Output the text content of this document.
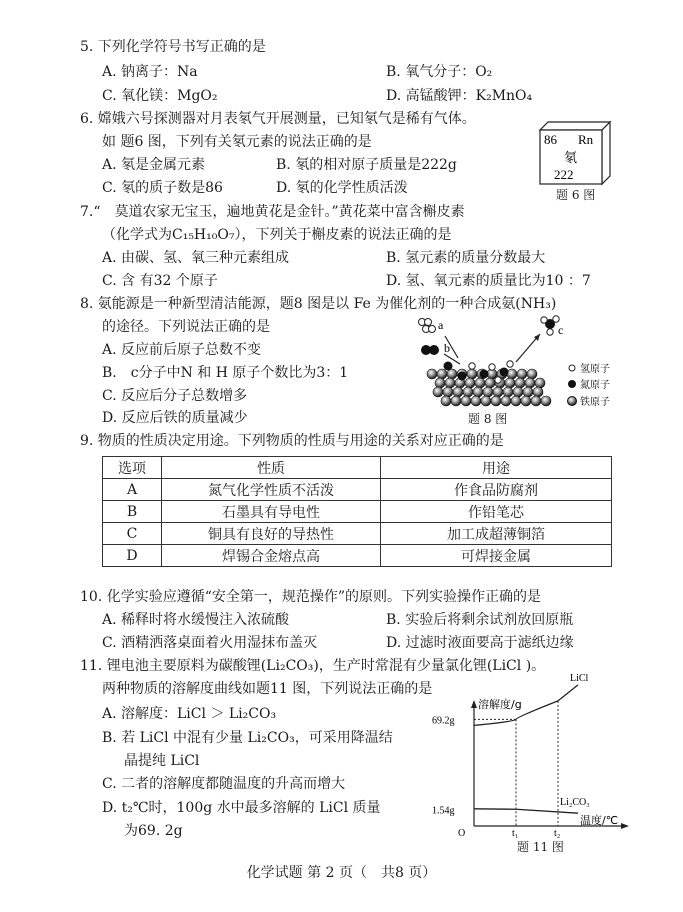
5. 下列化学符号书写正确的是
A. 钠离子：Na	B. 氧气分子：O₂
C. 氧化镁：MgO₂	D. 高锰酸钾：K₂MnO₄
6. 嫦娥六号探测器对月表氡气开展测量，已知氡气是稀有气体。
如 题6 图，下列有关氡元素的说法正确的是
A. 氡是金属元素	B. 氡的相对原子质量是222g
C. 氡的质子数是86	D. 氡的化学性质活泼
86 Rn
氡
222
题 6 图
7.“　莫道农家无宝玉，遍地黄花是金针。”黄花菜中富含槲皮素
（化学式为C₁₅H₁₀O₇），下列关于槲皮素的说法正确的是
A. 由碳、氢、氧三种元素组成	B. 氢元素的质量分数最大
C. 含 有32 个原子	D. 氢、氧元素的质量比为10 ：7
8. 氨能源是一种新型清洁能源，题8 图是以 Fe 为催化剂的一种合成氨(NH₃)
的途径。下列说法正确的是
A. 反应前后原子总数不变
B.　c分子中N 和 H 原子个数比为3：1
C. 反应后分子总数增多
D. 反应后铁的质量减少
a
b
c
氢原子
氮原子
铁原子
题 8 图
9. 物质的性质决定用途。下列物质的性质与用途的关系对应正确的是
选项	性质	用途
A	氮气化学性质不活泼	作食品防腐剂
B	石墨具有导电性	作铅笔芯
C	铜具有良好的导热性	加工成超薄铜箔
D	焊锡合金熔点高	可焊接金属
10. 化学实验应遵循“安全第一，规范操作”的原则。下列实验操作正确的是
A. 稀释时将水缓慢注入浓硫酸	B. 实验后将剩余试剂放回原瓶
C. 酒精洒落桌面着火用湿抹布盖灭	D. 过滤时液面要高于滤纸边缘
11. 锂电池主要原料为碳酸锂(Li₂CO₃)，生产时常混有少量氯化锂(LiCl )。
两种物质的溶解度曲线如题11 图，下列说法正确的是
A. 溶解度：LiCl ＞ Li₂CO₃
B. 若 LiCl 中混有少量 Li₂CO₃，可采用降温结
晶提纯 LiCl
C. 二者的溶解度都随温度的升高而增大
D. t₂℃时，100g 水中最多溶解的 LiCl 质量
为69. 2g
溶解度/g
温度/℃
69.2g
1.54g
t₁	t₂
LiCl
Li₂CO₃
O
题 11 图
化学试题 第 2 页（　共8 页）
